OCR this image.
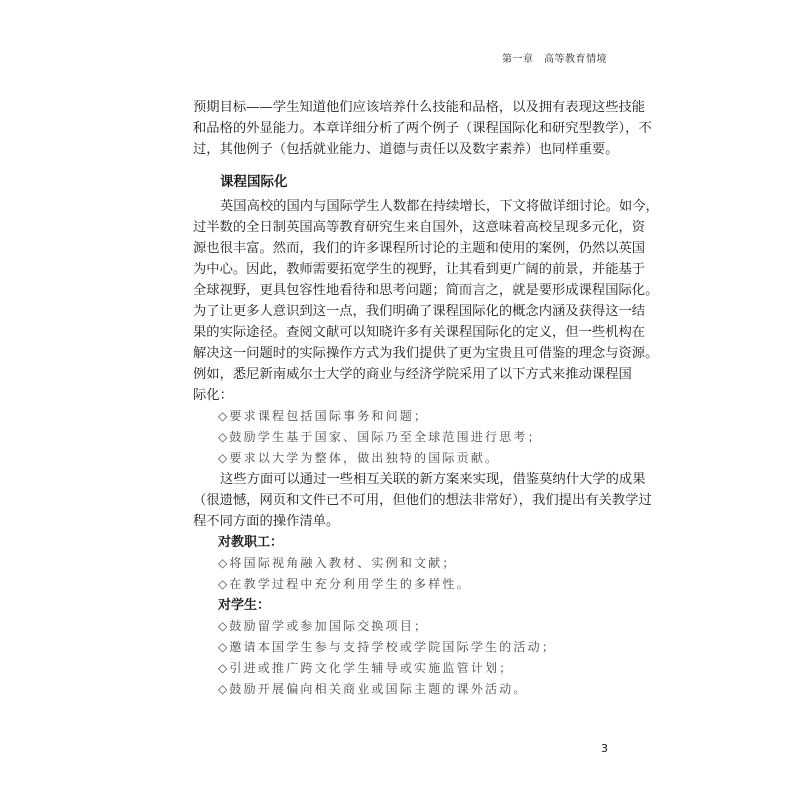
第一章　高等教育情境
预期目标——学生知道他们应该培养什么技能和品格，以及拥有表现这些技能
和品格的外显能力。本章详细分析了两个例子（课程国际化和研究型教学），不
过，其他例子（包括就业能力、道德与责任以及数字素养）也同样重要。
课程国际化
英国高校的国内与国际学生人数都在持续增长，下文将做详细讨论。如今，
过半数的全日制英国高等教育研究生来自国外，这意味着高校呈现多元化，资
源也很丰富。然而，我们的许多课程所讨论的主题和使用的案例，仍然以英国
为中心。因此，教师需要拓宽学生的视野，让其看到更广阔的前景，并能基于
全球视野，更具包容性地看待和思考问题；简而言之，就是要形成课程国际化。
为了让更多人意识到这一点，我们明确了课程国际化的概念内涵及获得这一结
果的实际途径。查阅文献可以知晓许多有关课程国际化的定义，但一些机构在
解决这一问题时的实际操作方式为我们提供了更为宝贵且可借鉴的理念与资源。
例如，悉尼新南威尔士大学的商业与经济学院采用了以下方式来推动课程国
际化：
◇要求课程包括国际事务和问题；
◇鼓励学生基于国家、国际乃至全球范围进行思考；
◇要求以大学为整体，做出独特的国际贡献。
这些方面可以通过一些相互关联的新方案来实现，借鉴莫纳什大学的成果
（很遗憾，网页和文件已不可用，但他们的想法非常好），我们提出有关教学过
程不同方面的操作清单。
对教职工：
◇将国际视角融入教材、实例和文献；
◇在教学过程中充分利用学生的多样性。
对学生：
◇鼓励留学或参加国际交换项目；
◇邀请本国学生参与支持学校或学院国际学生的活动；
◇引进或推广跨文化学生辅导或实施监管计划；
◇鼓励开展偏向相关商业或国际主题的课外活动。
3
